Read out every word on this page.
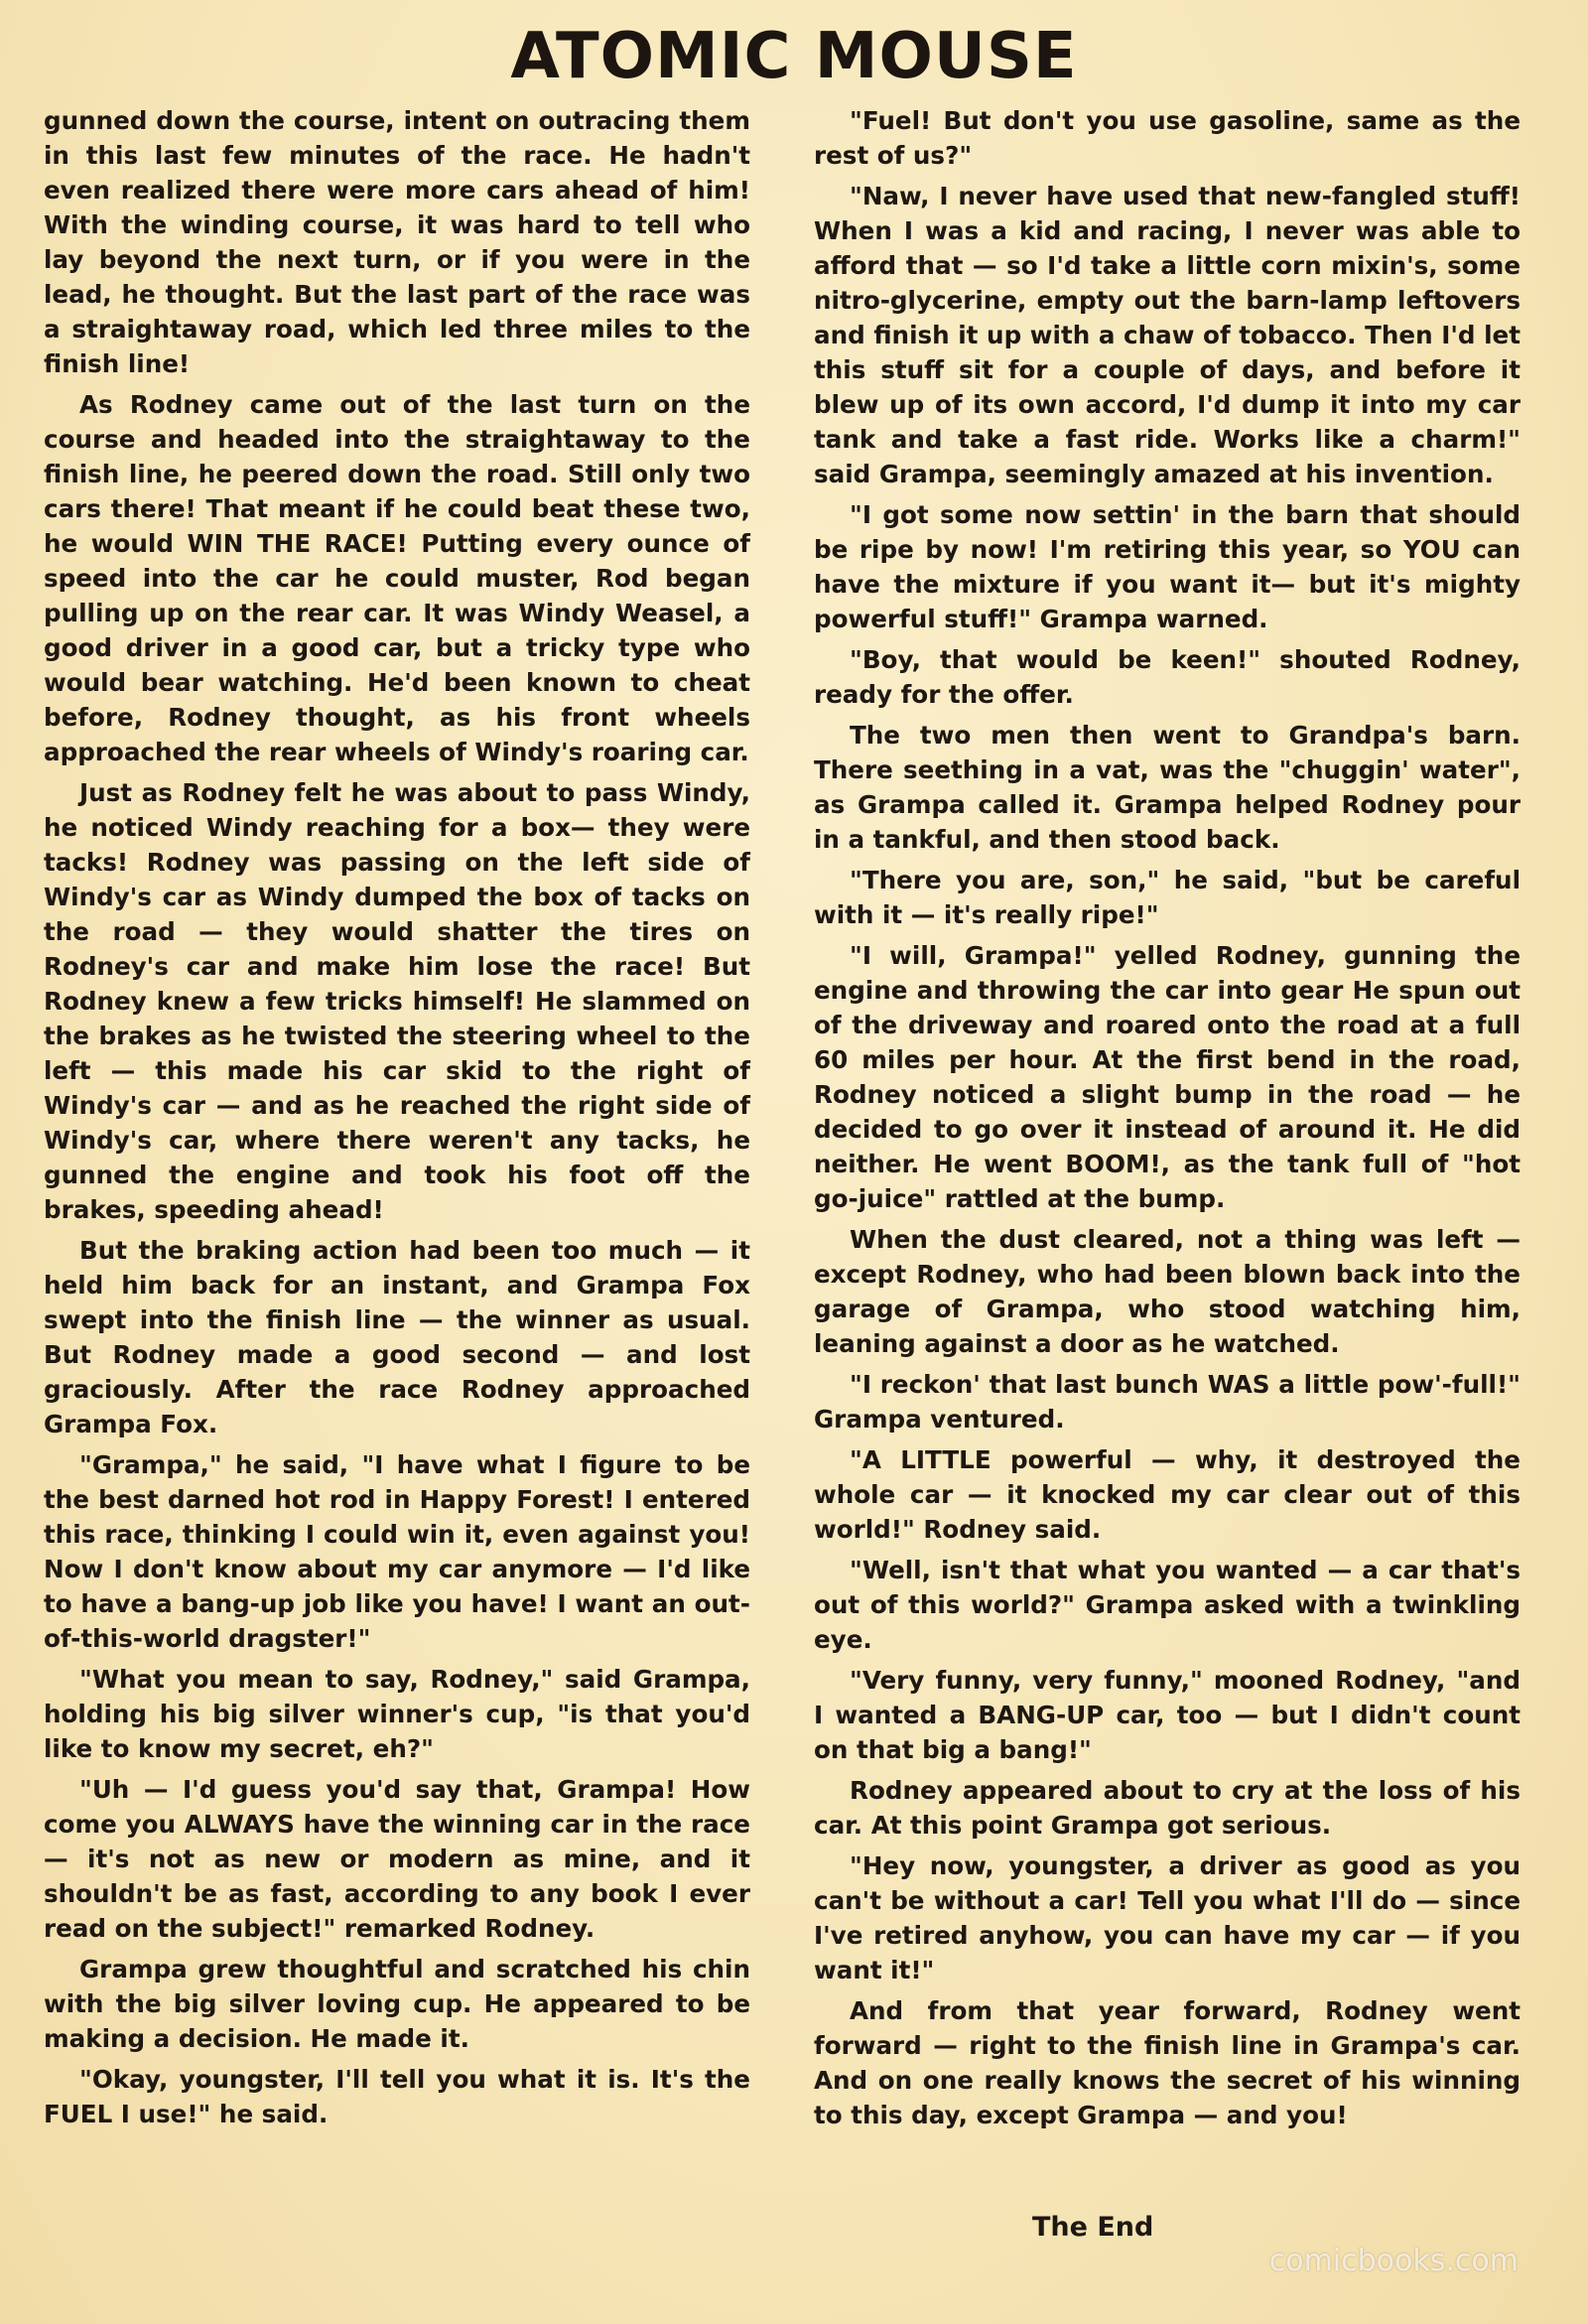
ATOMIC MOUSE

gunned down the course, intent on outracing them in this last few minutes of the race. He hadn't even realized there were more cars ahead of him! With the winding course, it was hard to tell who lay beyond the next turn, or if you were in the lead, he thought. But the last part of the race was a straightaway road, which led three miles to the finish line!

As Rodney came out of the last turn on the course and headed into the straightaway to the finish line, he peered down the road. Still only two cars there! That meant if he could beat these two, he would WIN THE RACE! Putting every ounce of speed into the car he could muster, Rod began pulling up on the rear car. It was Windy Weasel, a good driver in a good car, but a tricky type who would bear watching. He'd been known to cheat before, Rodney thought, as his front wheels approached the rear wheels of Windy's roaring car.

Just as Rodney felt he was about to pass Windy, he noticed Windy reaching for a box— they were tacks! Rodney was passing on the left side of Windy's car as Windy dumped the box of tacks on the road — they would shatter the tires on Rodney's car and make him lose the race! But Rodney knew a few tricks himself! He slammed on the brakes as he twisted the steering wheel to the left — this made his car skid to the right of Windy's car — and as he reached the right side of Windy's car, where there weren't any tacks, he gunned the engine and took his foot off the brakes, speeding ahead!

But the braking action had been too much — it held him back for an instant, and Grampa Fox swept into the finish line — the winner as usual. But Rodney made a good second — and lost graciously. After the race Rodney approached Grampa Fox.

"Grampa," he said, "I have what I figure to be the best darned hot rod in Happy Forest! I entered this race, thinking I could win it, even against you! Now I don't know about my car anymore — I'd like to have a bang-up job like you have! I want an out-of-this-world dragster!"

"What you mean to say, Rodney," said Grampa, holding his big silver winner's cup, "is that you'd like to know my secret, eh?"

"Uh — I'd guess you'd say that, Grampa! How come you ALWAYS have the winning car in the race — it's not as new or modern as mine, and it shouldn't be as fast, according to any book I ever read on the subject!" remarked Rodney.

Grampa grew thoughtful and scratched his chin with the big silver loving cup. He appeared to be making a decision. He made it.

"Okay, youngster, I'll tell you what it is. It's the FUEL I use!" he said.

"Fuel! But don't you use gasoline, same as the rest of us?"

"Naw, I never have used that new-fangled stuff! When I was a kid and racing, I never was able to afford that — so I'd take a little corn mixin's, some nitro-glycerine, empty out the barn-lamp leftovers and finish it up with a chaw of tobacco. Then I'd let this stuff sit for a couple of days, and before it blew up of its own accord, I'd dump it into my car tank and take a fast ride. Works like a charm!" said Grampa, seemingly amazed at his invention.

"I got some now settin' in the barn that should be ripe by now! I'm retiring this year, so YOU can have the mixture if you want it— but it's mighty powerful stuff!" Grampa warned.

"Boy, that would be keen!" shouted Rodney, ready for the offer.

The two men then went to Grandpa's barn. There seething in a vat, was the "chuggin' water", as Grampa called it. Grampa helped Rodney pour in a tankful, and then stood back.

"There you are, son," he said, "but be careful with it — it's really ripe!"

"I will, Grampa!" yelled Rodney, gunning the engine and throwing the car into gear He spun out of the driveway and roared onto the road at a full 60 miles per hour. At the first bend in the road, Rodney noticed a slight bump in the road — he decided to go over it instead of around it. He did neither. He went BOOM!, as the tank full of "hot go-juice" rattled at the bump.

When the dust cleared, not a thing was left — except Rodney, who had been blown back into the garage of Grampa, who stood watching him, leaning against a door as he watched.

"I reckon' that last bunch WAS a little pow'-full!" Grampa ventured.

"A LITTLE powerful — why, it destroyed the whole car — it knocked my car clear out of this world!" Rodney said.

"Well, isn't that what you wanted — a car that's out of this world?" Grampa asked with a twinkling eye.

"Very funny, very funny," mooned Rodney, "and I wanted a BANG-UP car, too — but I didn't count on that big a bang!"

Rodney appeared about to cry at the loss of his car. At this point Grampa got serious.

"Hey now, youngster, a driver as good as you can't be without a car! Tell you what I'll do — since I've retired anyhow, you can have my car — if you want it!"

And from that year forward, Rodney went forward — right to the finish line in Grampa's car. And on one really knows the secret of his winning to this day, except Grampa — and you!

The End
comicbooks.com
